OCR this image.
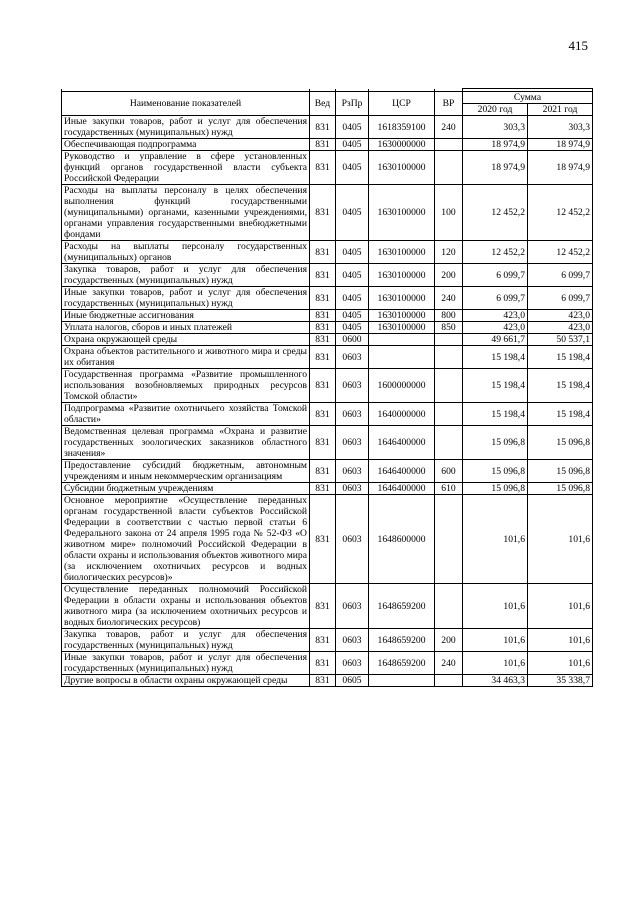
415

Наименование показателей	Вед	РзПр	ЦСР	ВР	Сумма	
					2020 год	2021 год
Иные закупки товаров, работ и услуг для обеспечения государственных (муниципальных) нужд	831	0405	1618359100	240	303,3	303,3
Обеспечивающая подпрограмма	831	0405	1630000000		18 974,9	18 974,9
Руководство и управление в сфере установленных функций органов государственной власти субъекта Российской Федерации	831	0405	1630100000		18 974,9	18 974,9
Расходы на выплаты персоналу в целях обеспечения выполнения функций государственными (муниципальными) органами, казенными учреждениями, органами управления государственными внебюджетными фондами	831	0405	1630100000	100	12 452,2	12 452,2
Расходы на выплаты персоналу государственных (муниципальных) органов	831	0405	1630100000	120	12 452,2	12 452,2
Закупка товаров, работ и услуг для обеспечения государственных (муниципальных) нужд	831	0405	1630100000	200	6 099,7	6 099,7
Иные закупки товаров, работ и услуг для обеспечения государственных (муниципальных) нужд	831	0405	1630100000	240	6 099,7	6 099,7
Иные бюджетные ассигнования	831	0405	1630100000	800	423,0	423,0
Уплата налогов, сборов и иных платежей	831	0405	1630100000	850	423,0	423,0
Охрана окружающей среды	831	0600			49 661,7	50 537,1
Охрана объектов растительного и животного мира и среды их обитания	831	0603			15 198,4	15 198,4
Государственная программа «Развитие промышленного использования возобновляемых природных ресурсов Томской области»	831	0603	1600000000		15 198,4	15 198,4
Подпрограмма «Развитие охотничьего хозяйства Томской области»	831	0603	1640000000		15 198,4	15 198,4
Ведомственная целевая программа «Охрана и развитие государственных зоологических заказников областного значения»	831	0603	1646400000		15 096,8	15 096,8
Предоставление субсидий бюджетным, автономным учреждениям и иным некоммерческим организациям	831	0603	1646400000	600	15 096,8	15 096,8
Субсидии бюджетным учреждениям	831	0603	1646400000	610	15 096,8	15 096,8
Основное мероприятие «Осуществление переданных органам государственной власти субъектов Российской Федерации в соответствии с частью первой статьи 6 Федерального закона от 24 апреля 1995 года № 52-ФЗ «О животном мире» полномочий Российской Федерации в области охраны и использования объектов животного мира (за исключением охотничьих ресурсов и водных биологических ресурсов)»	831	0603	1648600000		101,6	101,6
Осуществление переданных полномочий Российской Федерации в области охраны и использования объектов животного мира (за исключением охотничьих ресурсов и водных биологических ресурсов)	831	0603	1648659200		101,6	101,6
Закупка товаров, работ и услуг для обеспечения государственных (муниципальных) нужд	831	0603	1648659200	200	101,6	101,6
Иные закупки товаров, работ и услуг для обеспечения государственных (муниципальных) нужд	831	0603	1648659200	240	101,6	101,6
Другие вопросы в области охраны окружающей среды	831	0605			34 463,3	35 338,7
